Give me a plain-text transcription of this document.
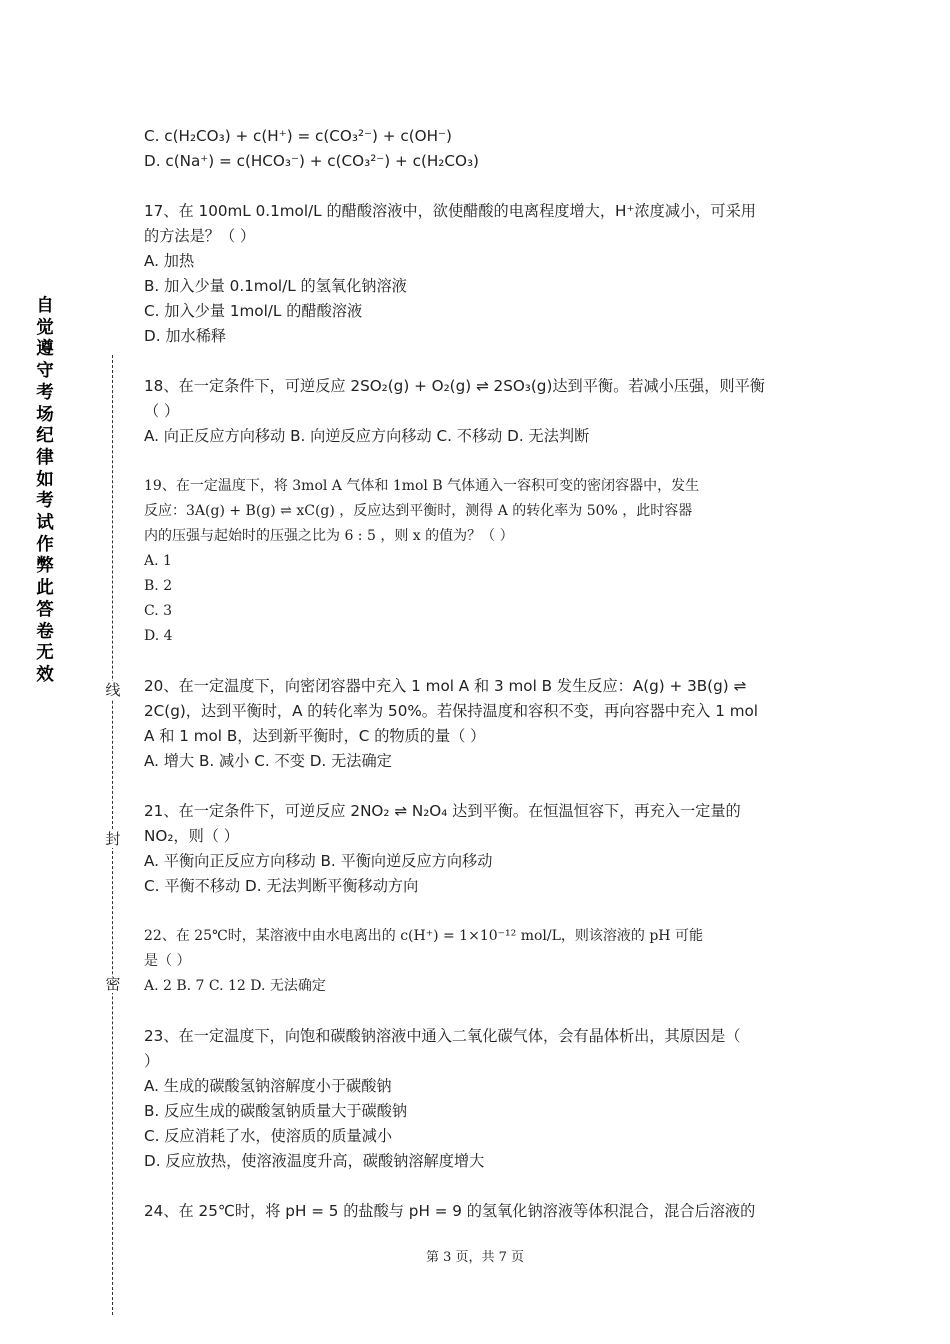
自觉遵守考场纪律如考试作弊此答卷无效
线
封
密
C. c(H₂CO₃) + c(H⁺) = c(CO₃²⁻) + c(OH⁻)
D. c(Na⁺) = c(HCO₃⁻) + c(CO₃²⁻) + c(H₂CO₃)
17、在 100mL 0.1mol/L 的醋酸溶液中，欲使醋酸的电离程度增大，H⁺浓度减小，可采用
的方法是？（ ）
A. 加热
B. 加入少量 0.1mol/L 的氢氧化钠溶液
C. 加入少量 1mol/L 的醋酸溶液
D. 加水稀释
18、在一定条件下，可逆反应 2SO₂(g) + O₂(g) ⇌ 2SO₃(g)达到平衡。若减小压强，则平衡
（ ）
A. 向正反应方向移动 B. 向逆反应方向移动 C. 不移动 D. 无法判断
19、在一定温度下，将 3mol A 气体和 1mol B 气体通入一容积可变的密闭容器中，发生
反应：3A(g) + B(g) ⇌ xC(g) ，反应达到平衡时，测得 A 的转化率为 50% ，此时容器
内的压强与起始时的压强之比为 6 : 5 ，则 x 的值为？（ ）
A. 1
B. 2
C. 3
D. 4
20、在一定温度下，向密闭容器中充入 1 mol A 和 3 mol B 发生反应：A(g) + 3B(g) ⇌
2C(g)，达到平衡时，A 的转化率为 50%。若保持温度和容积不变，再向容器中充入 1 mol
A 和 1 mol B，达到新平衡时，C 的物质的量（ ）
A. 增大 B. 减小 C. 不变 D. 无法确定
21、在一定条件下，可逆反应 2NO₂ ⇌ N₂O₄ 达到平衡。在恒温恒容下，再充入一定量的
NO₂，则（ ）
A. 平衡向正反应方向移动 B. 平衡向逆反应方向移动
C. 平衡不移动 D. 无法判断平衡移动方向
22、在 25℃时，某溶液中由水电离出的 c(H⁺) = 1×10⁻¹² mol/L，则该溶液的 pH 可能
是（ ）
A. 2 B. 7 C. 12 D. 无法确定
23、在一定温度下，向饱和碳酸钠溶液中通入二氧化碳气体，会有晶体析出，其原因是（
）
A. 生成的碳酸氢钠溶解度小于碳酸钠
B. 反应生成的碳酸氢钠质量大于碳酸钠
C. 反应消耗了水，使溶质的质量减小
D. 反应放热，使溶液温度升高，碳酸钠溶解度增大
24、在 25℃时，将 pH = 5 的盐酸与 pH = 9 的氢氧化钠溶液等体积混合，混合后溶液的
第 3 页，共 7 页
